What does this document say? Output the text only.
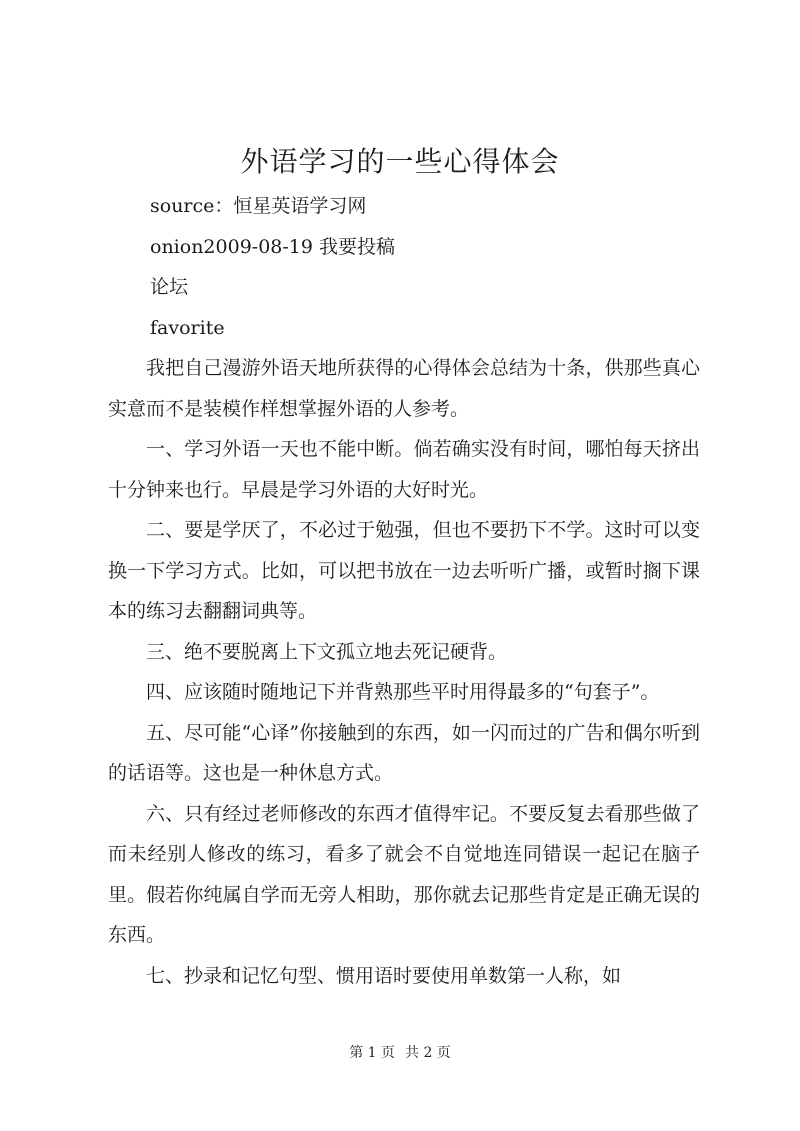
外语学习的一些心得体会

source：恒星英语学习网

onion2009-08-19 我要投稿

论坛

favorite

我把自己漫游外语天地所获得的心得体会总结为十条，供那些真心实意而不是装模作样想掌握外语的人参考。

一、学习外语一天也不能中断。倘若确实没有时间，哪怕每天挤出十分钟来也行。早晨是学习外语的大好时光。

二、要是学厌了，不必过于勉强，但也不要扔下不学。这时可以变换一下学习方式。比如，可以把书放在一边去听听广播，或暂时搁下课本的练习去翻翻词典等。

三、绝不要脱离上下文孤立地去死记硬背。

四、应该随时随地记下并背熟那些平时用得最多的“句套子”。

五、尽可能“心译”你接触到的东西，如一闪而过的广告和偶尔听到的话语等。这也是一种休息方式。

六、只有经过老师修改的东西才值得牢记。不要反复去看那些做了而未经别人修改的练习，看多了就会不自觉地连同错误一起记在脑子里。假若你纯属自学而无旁人相助，那你就去记那些肯定是正确无误的东西。

七、抄录和记忆句型、惯用语时要使用单数第一人称，如

第 1 页 共 2 页
